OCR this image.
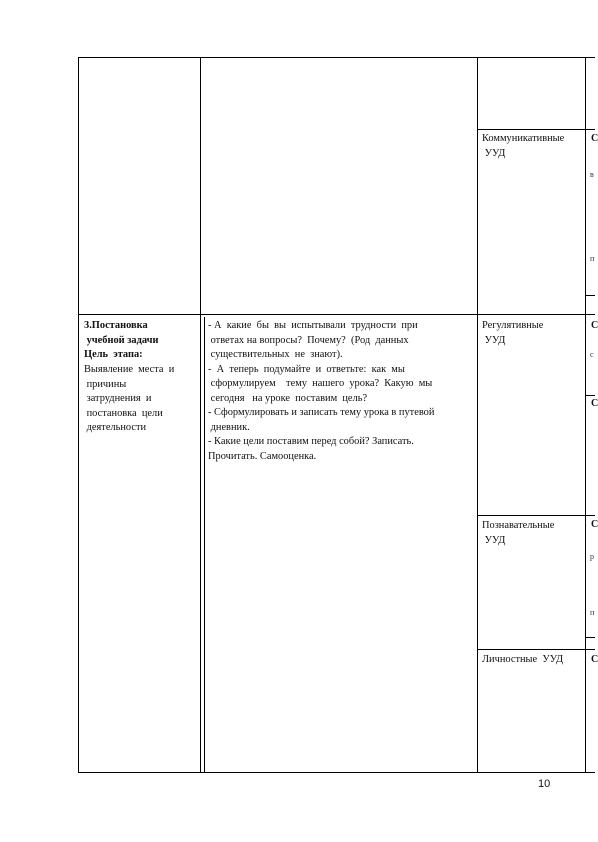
Коммуникативные
УУД
3.Постановка
учебной задачи
Цель  этапа:
Выявление  места  и
причины
затруднения  и
постановка  цели
деятельности
- А  какие  бы  вы  испытывали  трудности  при
ответах на вопросы?  Почему?  (Род  данных
существительных  не  знают).
-  А  теперь  подумайте  и  ответьте:  как  мы
сформулируем    тему  нашего  урока?  Какую  мы
сегодня   на уроке  поставим  цель?
- Сформулировать и записать тему урока в путевой
дневник.
- Какие цели поставим перед собой? Записать.
Прочитать. Самооценка.
Регулятивные
УУД
Познавательные
УУД
Личностные  УУД
С
в
п
С
с
С
С
р
п
С
10
